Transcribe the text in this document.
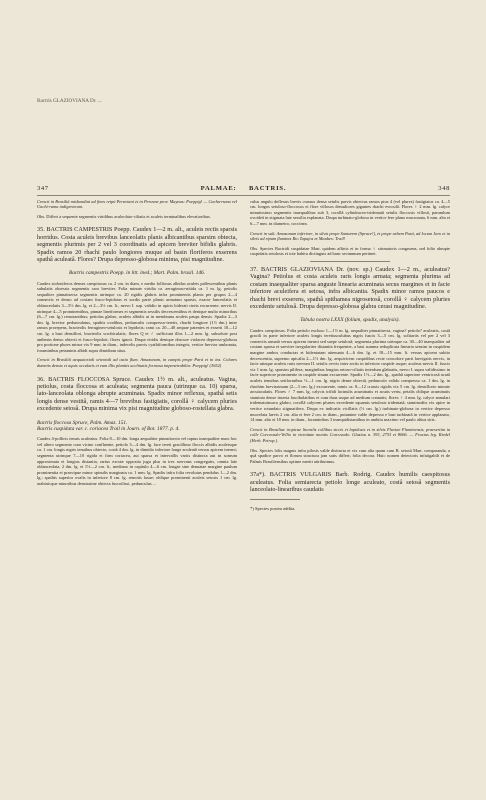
Bactris GLAZIOVIANA Dr. ...
347	PALMAE: BACTRIS.	348

Crescit in Brasiliâ misbondiai ad fines reipú Peruviani et in Peruvae prov. Maynas: Poeppig! — Cacha-ruma vel Uachi-rama indigenorum.

Obs. Differt a sequente segmentis viridibus aculeolato-ciliatis et aculeis terminalibus elevatioribus.

35. BACTRIS CAMPESTRIS Poepp. Caudex 1—2 m. alt., aculeis rectis sparsis horridus. Costa aculeis brevibus lanceolatis planis albicantibus sparsim obtecta, segmentis plurimis per 2 vel 3 coordinatis ad apicem breviter bifidis glabris. Spadix ramos 20 rhachi paulo longiores muque ad basin floriferos exserens spathâ aculeatâ. Flores? Drupa depresso-globosa minima, pisi magnitudine.

Bactris campestris Poepp. in litt. ined.; Mart. Palm. brasil. 146.

Caudex stoloniferos denses caespitosus ca. 2 cm. in diam. e medio folliosus albidus aculeis pallescentibus planis subulatis obsessis segmentis caro breviter. Folia minute viridia ca. aeruginoso-nitida ca. 1 m. lg. petiolis sequaliter pinnatisecta segmentis utrinque ca. 20 rigidis glabris infra prominentis planis per grupos 2—4 connectis et denso ad costam fusco-lepidotas et sordis parte planis armatum sparsis, exacte lanceolatis et oblanceolatis 3—5½ dm. lg. et 2—3½ cm. lt., nervo I. sup. validio in apicis biderati ciniis excurrente, nervis II. utrinque 4—5 prominentibus, pinnae lineiformes et segmentis sessilis decrescentibus et denique multo minoribus (6—7 cm. lg.) remotantibus; petiolus glabro, aculeis albidis ut in membrana aculeis paups densis. Spadix 2—3 dm. lg. brevior pedunculatus, spathis ovalibus, pedunculis compresso-teretis, rhachi longiore (1½ dm.) inter ramos prorepens, bracteolis ferrugineo-setulosis et lepidotis; rami ca. 20—40 aequae patentes et exserti 10—12 cm. lg. a basi densiflori, bracteolis scrobiculatis; flores Q et ♂ sufficiunt illos 1—2 mm. lg. subsolute post anthesin denso obtecti et fusco-lepidoti; flores ignoti. Drupa viridis denique obscure violacea depresso-globosa pro portione plures minor vix 9 mm. in diam., indecelis parvis cyathiformibus integris, vertice brevior umbonata, foraminibus petaminis albidi supra dimidiam situs.

Crescit in Brasiliâ aequatoriali orientali ad ostia flum. Amazonum, in campis prope Pará et in ins. Colares dumetis densis et aquis occulatis et eum illis planitis acclinatis formosa impenetrabilia: Poeppig! (3652)

36. BACTRIS FLOCCOSA Spruce. Caudex 1½ m. alt., aculeatus. Vagina, petiolus, costa floccosa et aculeata; segmenta pauca (utrinque ca. 10) sparsa, lato-lanceolata oblonga abrupte acuminata. Spadix minor reflexus, spathâ setis longis dense vestitâ, ramis 4—7 brevibus fastigiatis, corollâ ♀ calycem pluries excedente setosâ. Drupa minima vix pisi magnitudine globoso-rostellata glabra.

Bactris floccosa Spruce, Palm. Amaz. 151.

Bactris cuspidata var. c. coriacea Trail in Journ. of Bot. 1877. p. 4.

Caudex 4-pollicis tenuis aculeatus. Folia 8—10 dm. longa aequaliter pinnatisecta vel raptus inaequaliter nunc hoc vel altero segmento cum vicino confluente, petiolo 3—4 dm. lg. face tereti gracillimo floccis albidis aculeisque ca. 1 cm. longis nigris tenuibus obtecto, costâ 4 dm. lg. in dimidio inferiore longe aculeatâ versus apicem inermi; segmenta utrinque 7—10 rigida et firm coriacea, aut sparsa et intervallis variis distincta aut in sonrum approximata et longius distantia, rarius excute opposita juga plus in tres sservans congregatis, omnia late oblanceolata, 2 dm. lg. et 1½—2 cm. lt., mediano in capitulo 4—6 cm. longae sine denuatae margine paulum prominentia et praecipue minor spinulis marginata ca. 1 mm. lg. Spadix infra folia revolutus pendulus 1—2 dm. lg.; spathis superior ovalis in inferiore 8 cm. lg. remotis laxae; oblique prominenti aculeis setosis 1 cm. lg. arabiuicque minoribus densissime obtecta fuscoilissi, pedunculus ...

culus angulo deflexus brevis crassus densa setulis parvis obtectus ramos pius 4 (vel plures) fastigiatos ca. 4—5 cm. longos setuloso-floccosos et flore villosos demuliores gigantes rhachi evoculâ. Flores ♀ 2 mm. lg. calyce minutissimo segmentis inaequalibus sub 3, corollâ cylindraceo-tridentatâ setulis floccosis villosâ, parumlum ovoideâ in stigmata late sessilia explanata. Drupa turbinato-globosa in vertice fere plano mucronata, 6 mm. alta et 6—7 mm. in diametro, coccinea.

Crescit in salt. Amazonum inferiore, in silvis prope Santarem (Spruce!), et prope urbem Pará, ad locum Jaro et in silvis ad ripam fluminis Rio Tapajos et Mauhes: Trail!

Obs. Species Bactridi cuspidatae Mart. quidem affinis et in forma ♀ stirmatoris congruens, sed folio abrupte cuspidatis setulosis et tote habitu dictinguis ad banc secinnnum pertinet.

37. BACTRIS GLAZIOVIANA Dr. (nov. sp.) Caudex 1—2 m., aculeatus? Vagina? Petiolus et costa aculeis raris longis armata; segmenta plurima ad costam inaequaliter sparsa anguste linearia acuminata secus margines et in facie inferiore aculeifera et setosa, infra albicantia. Spadix minor ramos paucos e rhachi brevi exserens, spathâ spithamea nigrosetosâ, corollâ ♀ calycem pluries excedente setulosâ. Drupa depresso-globosa glabra cerasi magnitudine.

Tabula nostra LXXX (folium, spadix, analysis).

Caudex caespitosus. Folia petiolo excluso 1—1½ m. lg. aequaliter pinnatisecta, vagina? petiolo? aculeatis, costâ gracili in parte inferiore aculeis longis teretiusculubus nigris fuscis 3—5 cm. lg. solitariis vel per 2 vel 3 connectis armatâ versus apicem inermi sed saepe setulosâ; segmenta plurima utrinque ca. 30—40 inaequaliter ad costam sparsa et saeviter irregulariter distantia frequenter, a basi summa reduplicata linearia sensim in cuspidem margine ambos conductas et bidentatam attenuata 4—6 dm. lg. et 18—15 mm. lt. versus apicem subito decrescentia, supremo apicalia 2—1½ dm. lg. aequivicem cuspidibus recte concolore parti laevigatis nervis, in facie utinque aculeis raris nervum II. setulis cervis inter arctis in inferiore cuspide usque; aculeus nervis II. fuscis vix 1 mm. lg. sparsim pilifera, marginibus longius setoso-ciliatis interdum glabratis, nervo I. supra validissimo in facie superiore prominente in cuspide sinum excurrente. Spadix 1½—2 dm. lg., spathâ superiore ventricosâ acutâ aculeis tenuibus setiformibus ½—1 cm. lg. nigris dense obtectâ, pedunculo valido compresso ca. 1 dm. lg. in rhachim brevissimam (2—3 cm. lg.) excurrente, ramis ca. 8—12 crassis rigidis vix 5 cm. lg. densiflorio minute arcuiaculatis. Flores ♂ 7 mm. lg. calycis trifidi lacinulis acuminatis et acutis vertu, petalis oblique acuminatis staminia dense inserta fascibulatibus et cum duas usque ad medium connatis; flores ♀ 4 mm. lg. calyce annulari tridentatoinsaco glabro, corollâ calycem pluries excedente squamis setulosis tridentatâ, staminodiis vix apice in vertice rotundato stigmatifera. Drupa ex indicatis vicillatis (½ cm. lg.) turbinato-globosa in vertice depresso mucrelata laevis 2 cm. alta et fere 2 cm. in diam., putamine valde depresso e basi turbinatâ in vertice applanato, 14 mm. alto et 18 mm. in diam., foraminibus 3 inaequidistantibus in ambitu maximo vel paulo altius sitis.

Crescit in Brasiliae tropicae litoralis collibus siccis et lapidosis et in silvis Fluviae Fluminensis, praesertim in colle Corcovado-Vellio in vicinitate montis Corcovado: Glaziou n. 393, 2753 et 8066. — Fructus leg. Riedel (Herb. Petrop.).

Obs. Species folis magnis infra pilosis valde distincta et vix cum alia quam cum B. setosâ Mart. comparanda, a quâ spadice parvo et florum structura jam satis differt; folia decora. Huic nomen detectoris infatigabili et de Palmis Brasiliensibus optime meriti attribuimus.

37a*). BACTRIS VULGARIS Barb. Rodrig. Caudex humilis caespitosus aculeatus. Folia semiarecta petiolo longe aculeato, costâ setosâ segmentis lanceolato-linearibus caudatis

*) Species postea addita.
